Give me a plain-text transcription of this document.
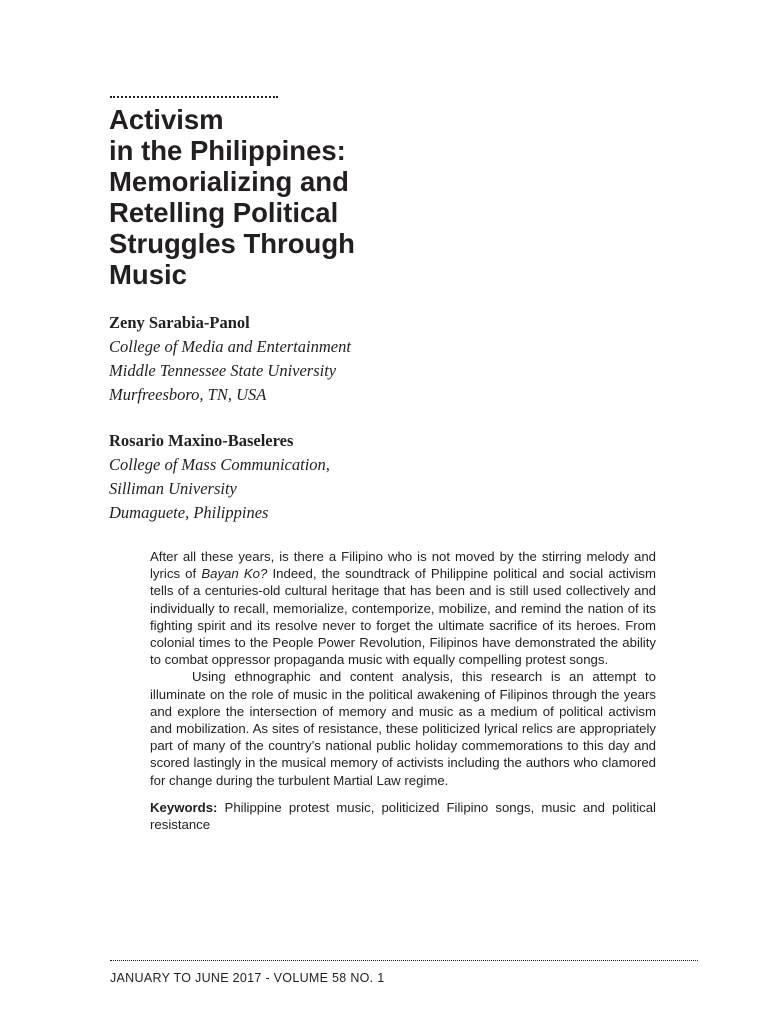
Activism
in the Philippines:
Memorializing and
Retelling Political
Struggles Through
Music
Zeny Sarabia-Panol
College of Media and Entertainment
Middle Tennessee State University
Murfreesboro, TN, USA
Rosario Maxino-Baseleres
College of Mass Communication,
Silliman University
Dumaguete, Philippines

After all these years, is there a Filipino who is not moved by the stirring melody and lyrics of Bayan Ko? Indeed, the soundtrack of Philippine political and social activism tells of a centuries-old cultural heritage that has been and is still used collectively and individually to recall, memorialize, contemporize, mobilize, and remind the nation of its fighting spirit and its resolve never to forget the ultimate sacrifice of its heroes. From colonial times to the People Power Revolution, Filipinos have demonstrated the ability to combat oppressor propaganda music with equally compelling protest songs.

Using ethnographic and content analysis, this research is an attempt to illuminate on the role of music in the political awakening of Filipinos through the years and explore the intersection of memory and music as a medium of political activism and mobilization. As sites of resistance, these politicized lyrical relics are appropriately part of many of the country’s national public holiday commemorations to this day and scored lastingly in the musical memory of activists including the authors who clamored for change during the turbulent Martial Law regime.

Keywords: Philippine protest music, politicized Filipino songs, music and political resistance

JANUARY TO JUNE 2017 - VOLUME 58 NO. 1
